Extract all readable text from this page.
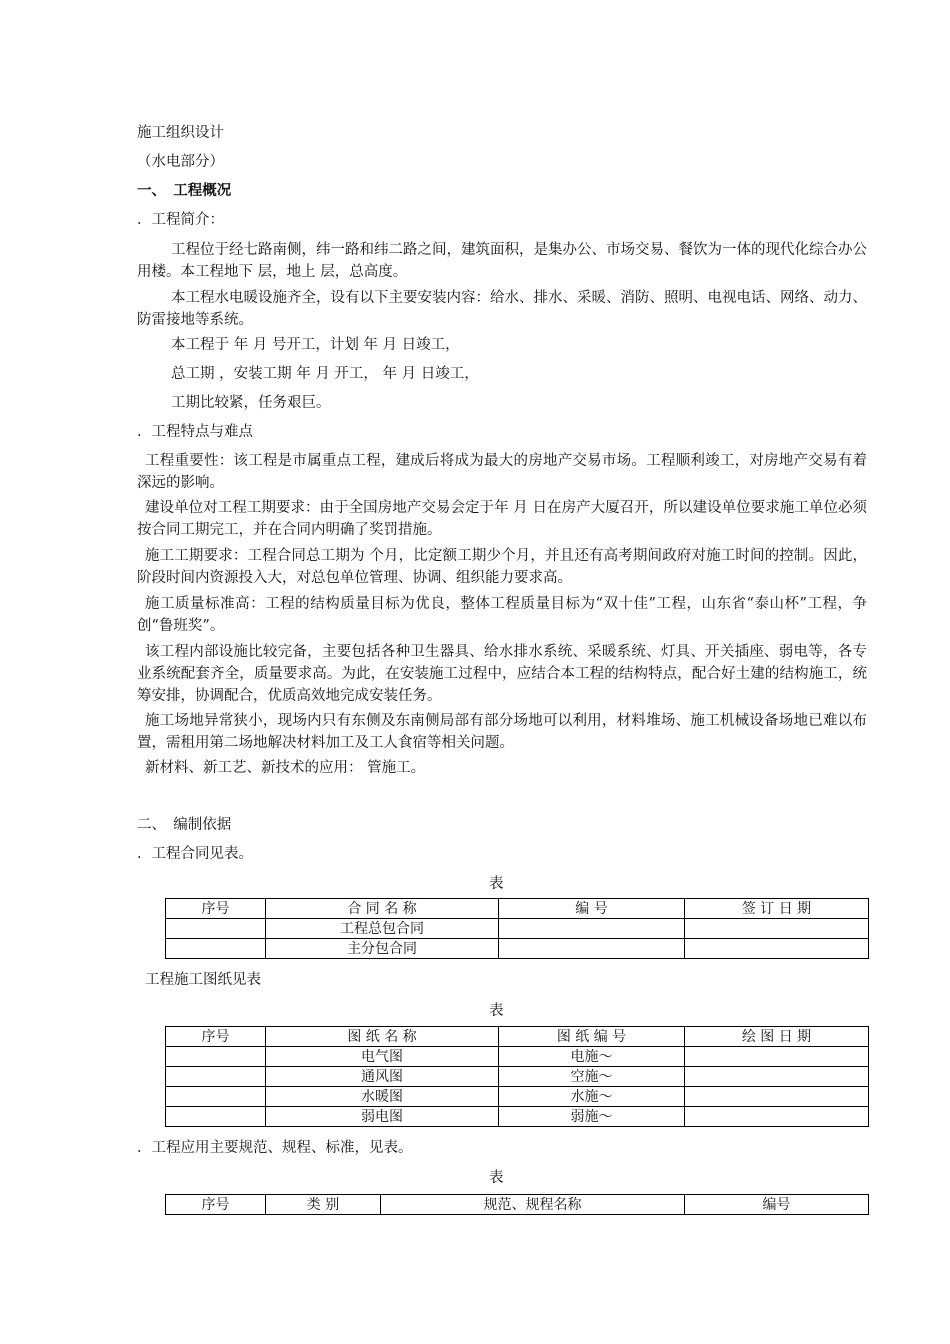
施工组织设计
（水电部分）
一、　工程概况
．工程简介：
工程位于经七路南侧，纬一路和纬二路之间，建筑面积，是集办公、市场交易、餐饮为一体的现代化综合办公用楼。本工程地下 层，地上 层，总高度。
本工程水电暖设施齐全，设有以下主要安装内容：给水、排水、采暖、消防、照明、电视电话、网络、动力、防雷接地等系统。
本工程于 年 月 号开工，计划 年 月 日竣工，
总工期 ，安装工期 年 月 开工， 年 月 日竣工，
工期比较紧，任务艰巨。
．工程特点与难点
工程重要性：该工程是市属重点工程，建成后将成为最大的房地产交易市场。工程顺利竣工，对房地产交易有着深远的影响。
建设单位对工程工期要求：由于全国房地产交易会定于年 月 日在房产大厦召开，所以建设单位要求施工单位必须按合同工期完工，并在合同内明确了奖罚措施。
施工工期要求：工程合同总工期为 个月，比定额工期少个月，并且还有高考期间政府对施工时间的控制。因此，阶段时间内资源投入大，对总包单位管理、协调、组织能力要求高。
施工质量标准高：工程的结构质量目标为优良，整体工程质量目标为“双十佳”工程，山东省“泰山杯”工程，争创“鲁班奖”。
该工程内部设施比较完备，主要包括各种卫生器具、给水排水系统、采暖系统、灯具、开关插座、弱电等，各专业系统配套齐全，质量要求高。为此，在安装施工过程中，应结合本工程的结构特点，配合好土建的结构施工，统筹安排，协调配合，优质高效地完成安装任务。
施工场地异常狭小，现场内只有东侧及东南侧局部有部分场地可以利用，材料堆场、施工机械设备场地已难以布置，需租用第二场地解决材料加工及工人食宿等相关问题。
新材料、新工艺、新技术的应用： 管施工。
二、　编制依据
．工程合同见表。
表
序号	合 同 名 称	编 号	签 订 日 期
	工程总包合同		
	主分包合同		
工程施工图纸见表
表
序号	图 纸 名 称	图 纸 编 号	绘 图 日 期
	电气图	电施～	
	通风图	空施～	
	水暖图	水施～	
	弱电图	弱施～	
．工程应用主要规范、规程、标准，见表。
表
序号	类 别	规范、规程名称	编号
